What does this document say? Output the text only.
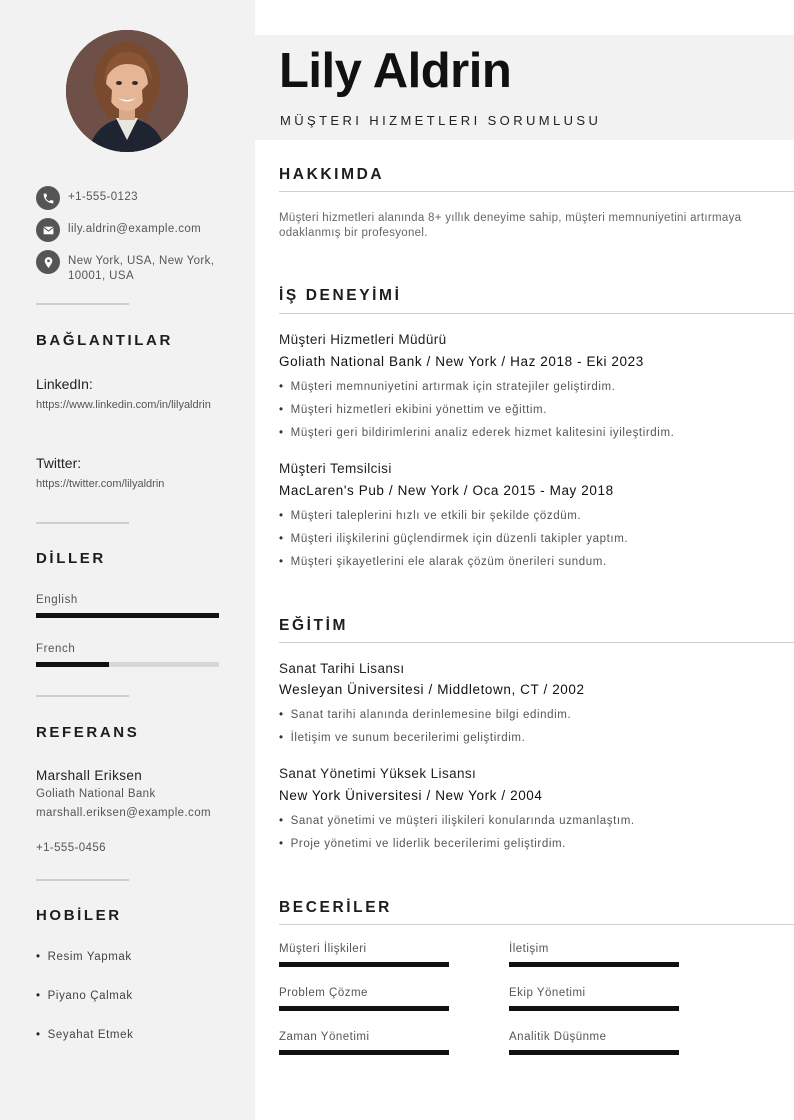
+1-555-0123
lily.aldrin@example.com
New York, USA, New York,
10001, USA
BAĞLANTILAR
LinkedIn:
https://www.linkedin.com/in/lilyaldrin
Twitter:
https://twitter.com/lilyaldrin
DİLLER
English
French
REFERANS
Marshall Eriksen
Goliath National Bank
marshall.eriksen@example.com
+1-555-0456
HOBİLER
• Resim Yapmak
• Piyano Çalmak
• Seyahat Etmek
Lily Aldrin
MÜŞTERI HIZMETLERI SORUMLUSU
HAKKIMDA
Müşteri hizmetleri alanında 8+ yıllık deneyime sahip, müşteri memnuniyetini artırmaya odaklanmış bir profesyonel.
İŞ DENEYİMİ
Müşteri Hizmetleri Müdürü
Goliath National Bank / New York / Haz 2018 - Eki 2023
• Müşteri memnuniyetini artırmak için stratejiler geliştirdim.
• Müşteri hizmetleri ekibini yönettim ve eğittim.
• Müşteri geri bildirimlerini analiz ederek hizmet kalitesini iyileştirdim.
Müşteri Temsilcisi
MacLaren's Pub / New York / Oca 2015 - May 2018
• Müşteri taleplerini hızlı ve etkili bir şekilde çözdüm.
• Müşteri ilişkilerini güçlendirmek için düzenli takipler yaptım.
• Müşteri şikayetlerini ele alarak çözüm önerileri sundum.
EĞİTİM
Sanat Tarihi Lisansı
Wesleyan Üniversitesi / Middletown, CT / 2002
• Sanat tarihi alanında derinlemesine bilgi edindim.
• İletişim ve sunum becerilerimi geliştirdim.
Sanat Yönetimi Yüksek Lisansı
New York Üniversitesi / New York / 2004
• Sanat yönetimi ve müşteri ilişkileri konularında uzmanlaştım.
• Proje yönetimi ve liderlik becerilerimi geliştirdim.
BECERİLER
Müşteri İlişkileri	İletişim
Problem Çözme	Ekip Yönetimi
Zaman Yönetimi	Analitik Düşünme
